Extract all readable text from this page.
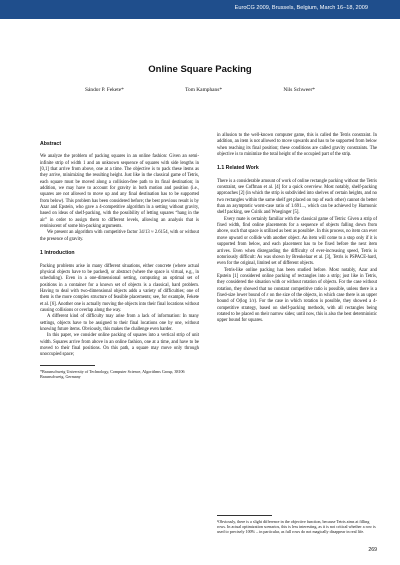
EuroCG 2009, Brussels, Belgium, March 16–18, 2009
Online Square Packing
Sándor P. Fekete*	Tom Kamphans*	Nils Schweer*
Abstract

We analyze the problem of packing squares in an online fashion: Given an semi-infinite strip of width 1 and an unknown sequence of squares with side lengths in [0,1] that arrive from above, one at a time. The objective is to pack these items as they arrive, minimizing the resulting height. Just like in the classical game of Tetris, each square must be moved along a collision-free path to its final destination; in addition, we may have to account for gravity in both motion and position (i.e., squares are not allowed to move up and any final destination has to be supported from below). This problem has been considered before; the best previous result is by Azar and Epstein, who gave a 4-competitive algorithm in a setting without gravity, based on ideas of shelf-packing, with the possibility of letting squares “hang in the air” in order to assign them to different levels, allowing an analysis that is reminiscent of some bin-packing arguments.

We present an algorithm with competitive factor 34/13 ≈ 2.6154, with or without the presence of gravity.

1 Introduction

Packing problems arise in many different situations, either concrete (where actual physical objects have to be packed), or abstract (where the space is virtual, e.g., in scheduling). Even in a one-dimensional setting, computing an optimal set of positions in a container for a known set of objects is a classical, hard problem. Having to deal with two-dimensional objects adds a variety of difficulties; one of them is the more complex structure of feasible placements; see, for example, Fekete et al. [6]. Another one is actually moving the objects into their final locations without causing collisions or overlap along the way.

A different kind of difficulty may arise from a lack of information: In many settings, objects have to be assigned to their final locations one by one, without knowing future items. Obviously, this makes the challenge even harder.

In this paper, we consider online packing of squares into a vertical strip of unit width. Squares arrive from above in an online fashion, one at a time, and have to be moved to their final positions. On this path, a square may move only through unoccupied space;

*Braunschweig University of Technology, Computer Science, Algorithms Group, 38106 Braunschweig, Germany

in allusion to the well-known computer game, this is called the Tetris constraint. In addition, an item is not allowed to move upwards and has to be supported from below when reaching its final position; these conditions are called gravity constraints. The objective is to minimize the total height of the occupied part of the strip.

1.1 Related Work

There is a considerable amount of work of online rectangle packing without the Tetris constraint, see Coffman et al. [4] for a quick overview. Most notably, shelf-packing approaches [2] (in which the strip is subdivided into shelves of certain heights, and no two rectangles within the same shelf get placed on top of each other) cannot do better than an asymptotic worst-case ratio of 1.691..., which can be achieved by Harmonic shelf packing, see Csirik and Woeginger [5].

Every mate is certainly familiar with the classical game of Tetris: Given a strip of fixed width, find online placements for a sequence of objects falling down from above, such that space is utilized as best as possible¹. In this process, no item can ever move upward or collide with another object. An item will come to a stop only if it is supported from below, and each placement has to be fixed before the next item arrives. Even when disregarding the difficulty of ever-increasing speed, Tetris is notoriously difficult: As was shown by Breukelaar et al. [3], Tetris is PSPACE-hard, even for the original, limited set of different objects.

Tetris-like online packing has been studied before. Most notably, Azar and Epstein [1] considered online packing of rectangles into a strip; just like in Tetris, they considered the situation with or without rotation of objects. For the case without rotation, they showed that no constant competitive ratio is possible, unless there is a fixed-size lower bound of ε on the size of the objects, in which case there is an upper bound of O(log 1/ε). For the case in which rotation is possible, they showed a 4-competitive strategy, based on shelf-packing methods, with all rectangles being rotated to be placed on their narrow sides; until now, this is also the best deterministic upper bound for squares.

¹Obviously, there is a slight difference in the objective function, because Tetris aims at filling rows. In actual optimization scenarios, this is less interesting, as it is not critical whether a row is used to precisely 100% – in particular, as full rows do not magically disappear in real life.
269
